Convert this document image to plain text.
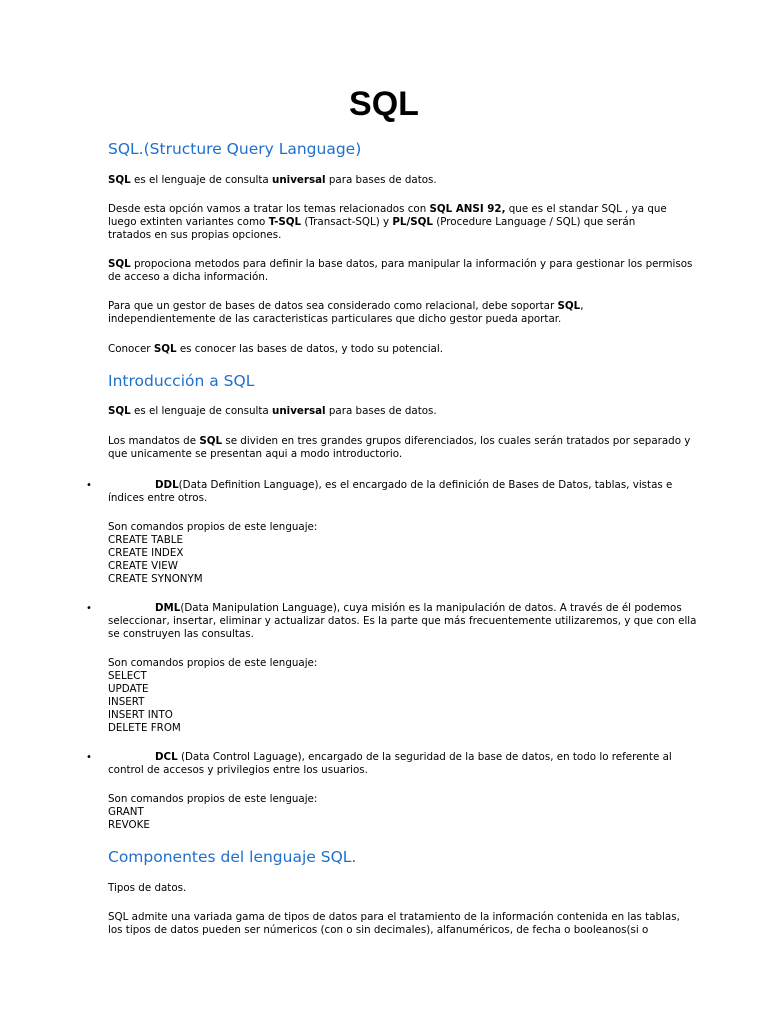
SQL
SQL.(Structure Query Language)

SQL es el lenguaje de consulta universal para bases de datos.

Desde esta opción vamos a tratar los temas relacionados con SQL ANSI 92, que es el standar SQL , ya que
luego extinten variantes como T-SQL (Transact-SQL) y PL/SQL (Procedure Language / SQL) que serán
tratados en sus propias opciones.

SQL propociona metodos para definir la base datos, para manipular la información y para gestionar los permisos
de acceso a dicha información.

Para que un gestor de bases de datos sea considerado como relacional, debe soportar SQL,
independientemente de las caracteristicas particulares que dicho gestor pueda aportar.

Conocer SQL es conocer las bases de datos, y todo su potencial.

Introducción a SQL

SQL es el lenguaje de consulta universal para bases de datos.

Los mandatos de SQL se dividen en tres grandes grupos diferenciados, los cuales serán tratados por separado y
que unicamente se presentan aqui a modo introductorio.

•	DDL(Data Definition Language), es el encargado de la definición de Bases de Datos, tablas, vistas e
índices entre otros.

Son comandos propios de este lenguaje:
CREATE TABLE
CREATE INDEX
CREATE VIEW
CREATE SYNONYM

•	DML(Data Manipulation Language), cuya misión es la manipulación de datos. A través de él podemos
seleccionar, insertar, eliminar y actualizar datos. Es la parte que más frecuentemente utilizaremos, y que con ella
se construyen las consultas.

Son comandos propios de este lenguaje:
SELECT
UPDATE
INSERT
INSERT INTO
DELETE FROM

•	DCL (Data Control Laguage), encargado de la seguridad de la base de datos, en todo lo referente al
control de accesos y privilegios entre los usuarios.

Son comandos propios de este lenguaje:
GRANT
REVOKE

Componentes del lenguaje SQL.

Tipos de datos.

SQL admite una variada gama de tipos de datos para el tratamiento de la información contenida en las tablas,
los tipos de datos pueden ser númericos (con o sin decimales), alfanuméricos, de fecha o booleanos(si o
